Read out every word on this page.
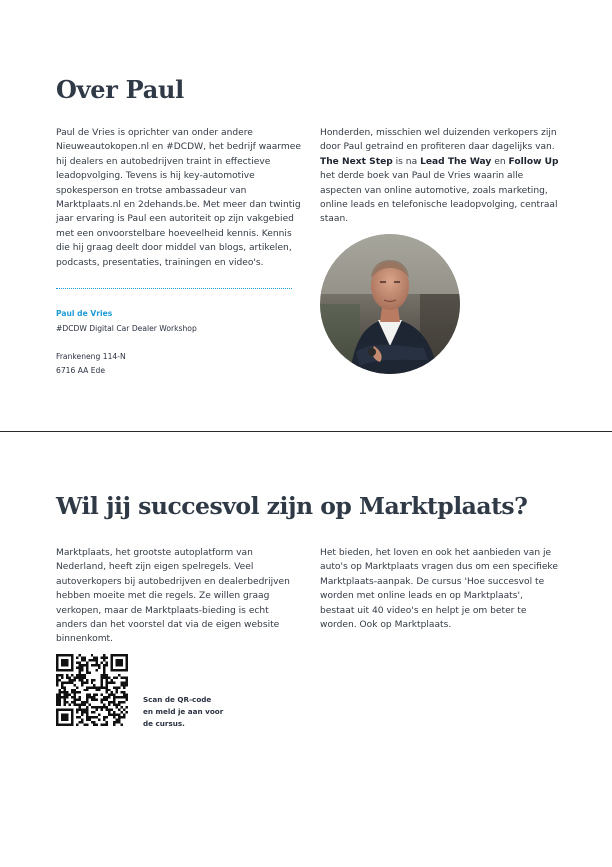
Over Paul

Paul de Vries is oprichter van onder andere Nieuweautokopen.nl en #DCDW, het bedrijf waarmee hij dealers en autobedrijven traint in effectieve leadopvolging. Tevens is hij key-automotive spokesperson en trotse ambassadeur van Marktplaats.nl en 2dehands.be. Met meer dan twintig jaar ervaring is Paul een autoriteit op zijn vakgebied met een onvoorstelbare hoeveelheid kennis. Kennis die hij graag deelt door middel van blogs, artikelen, podcasts, presentaties, trainingen en video's.

Honderden, misschien wel duizenden verkopers zijn door Paul getraind en profiteren daar dagelijks van. The Next Step is na Lead The Way en Follow Up het derde boek van Paul de Vries waarin alle aspecten van online automotive, zoals marketing, online leads en telefonische leadopvolging, centraal staan.

Paul de Vries
#DCDW Digital Car Dealer Workshop
Frankeneng 114-N
6716 AA Ede
Wil jij succesvol zijn op Marktplaats?

Marktplaats, het grootste autoplatform van Nederland, heeft zijn eigen spelregels. Veel autoverkopers bij autobedrijven en dealerbedrijven hebben moeite met die regels. Ze willen graag verkopen, maar de Marktplaats-bieding is echt anders dan het voorstel dat via de eigen website binnenkomt.

Het bieden, het loven en ook het aanbieden van je auto's op Marktplaats vragen dus om een specifieke Marktplaats-aanpak. De cursus 'Hoe succesvol te worden met online leads en op Marktplaats', bestaat uit 40 video's en helpt je om beter te worden. Ook op Marktplaats.

Scan de QR-code
en meld je aan voor
de cursus.
